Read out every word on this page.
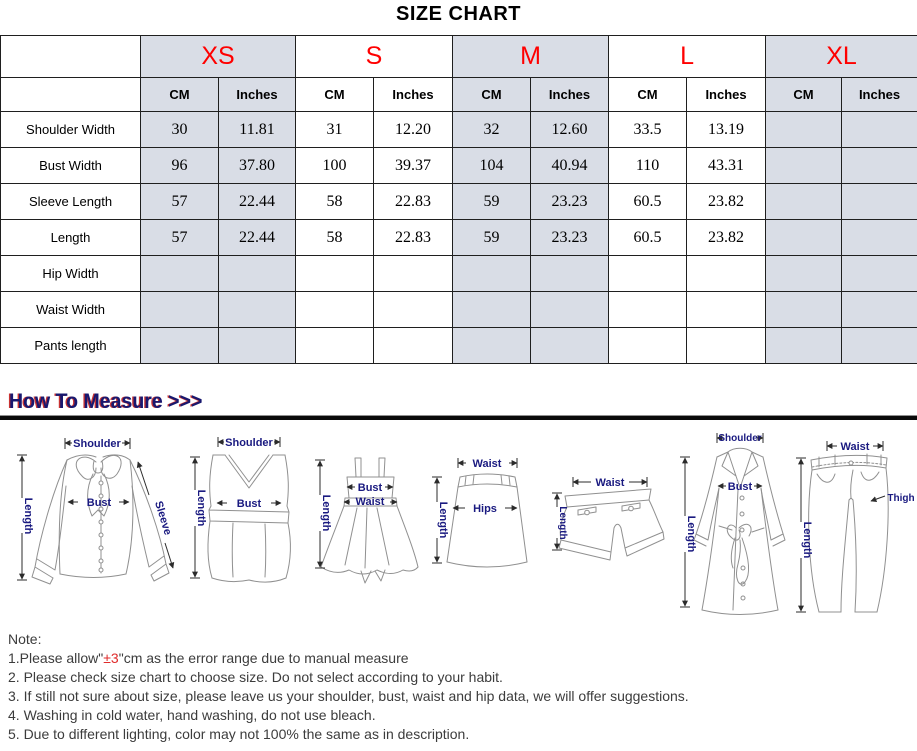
SIZE CHART
	XS		S		M		L		XL	
	CM	Inches	CM	Inches	CM	Inches	CM	Inches	CM	Inches
Shoulder Width	30	11.81	31	12.20	32	12.60	33.5	13.19		
Bust Width	96	37.80	100	39.37	104	40.94	110	43.31		
Sleeve Length	57	22.44	58	22.83	59	23.23	60.5	23.82		
Length	57	22.44	58	22.83	59	23.23	60.5	23.82		
Hip Width										
Waist Width										
Pants length										
How To Measure >>>
Shoulder
Length	Bust	Sleeve
Shoulder
Length	Bust	Length
Bust
Waist
Waist
Length Hips
Waist
Length
Shoulder
Length
Bust
Waist
Length
Thigh

Note:

1.Please allow"±3"cm as the error range due to manual measure

2. Please check size chart to choose size. Do not select according to your habit.

3. If still not sure about size, please leave us your shoulder, bust, waist and hip data, we will offer suggestions.

4. Washing in cold water, hand washing, do not use bleach.

5. Due to different lighting, color may not 100% the same as in description.
